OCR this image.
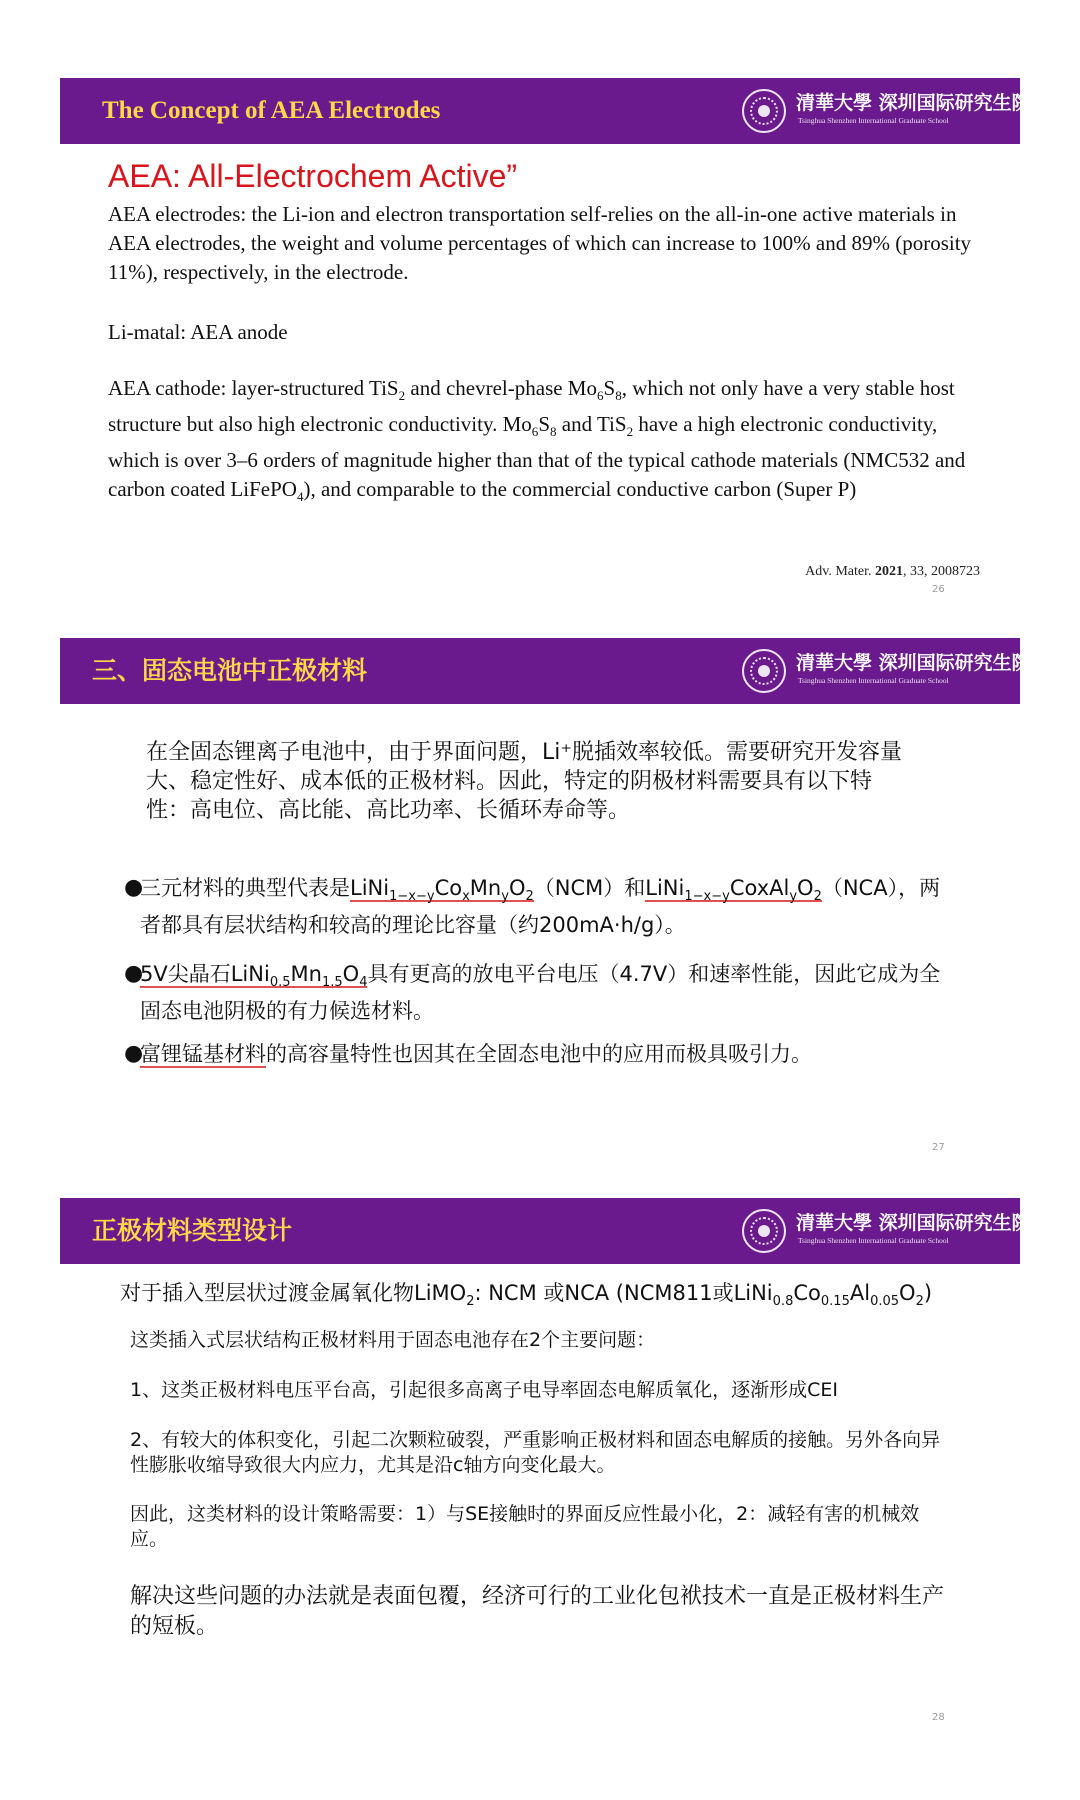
The Concept of AEA Electrodes	清華大學 深圳国际研究生院
Tsinghua Shenzhen International Graduate School
AEA: All-Electrochem Active”
AEA electrodes: the Li-ion and electron transportation self-relies on the all-in-one active materials in AEA electrodes, the weight and volume percentages of which can increase to 100% and 89% (porosity 11%), respectively, in the electrode.
Li-matal: AEA anode
AEA cathode: layer-structured TiS$_2$ and chevrel-phase $Mo_6S_8$, which not only have a very stable host structure but also high electronic conductivity. $Mo_6S_8$ and TiS$_2$ have a high electronic conductivity, which is over 3–6 orders of magnitude higher than that of the typical cathode materials (NMC532 and carbon coated LiFePO$_4$), and comparable to the commercial conductive carbon (Super P)
Adv. Mater. 2021, 33, 2008723
26
三、固态电池中正极材料	清華大學 深圳国际研究生院
Tsinghua Shenzhen International Graduate School
在全固态锂离子电池中，由于界面问题，Li⁺脱插效率较低。需要研究开发容量大、稳定性好、成本低的正极材料。因此，特定的阴极材料需要具有以下特性：高电位、高比能、高比功率、长循环寿命等。
●
三元材料的典型代表是$LiNi_{1-x-y}Co_xMn_yO_2(NCM)$和$LiNi_{1-x-y}CoxAl_yO_2(NCA)$，两者都具有层状结构和较高的理论比容量（约200mA·h/g）。
●
5V尖晶石$LiNi_{0.5}Mn_{1.5}O_4$具有更高的放电平台电压（4.7V）和速率性能，因此它成为全固态电池阴极的有力候选材料。
●
富锂锰基材料的高容量特性也因其在全固态电池中的应用而极具吸引力。
27
正极材料类型设计	清華大學 深圳国际研究生院
Tsinghua Shenzhen International Graduate School
对于插入型层状过渡金属氧化物LiMO$_2$: NCM 或NCA (NCM811或$LiNi_{0.8}Co_{0.15}Al_{0.05}O_2$)
这类插入式层状结构正极材料用于固态电池存在2个主要问题：
1、这类正极材料电压平台高，引起很多高离子电导率固态电解质氧化，逐渐形成CEI
2、有较大的体积变化，引起二次颗粒破裂，严重影响正极材料和固态电解质的接触。另外各向异性膨胀收缩导致很大内应力，尤其是沿c轴方向变化最大。
因此，这类材料的设计策略需要：1）与SE接触时的界面反应性最小化，2：减轻有害的机械效应。
解决这些问题的办法就是表面包覆，经济可行的工业化包袱技术一直是正极材料生产的短板。
28
